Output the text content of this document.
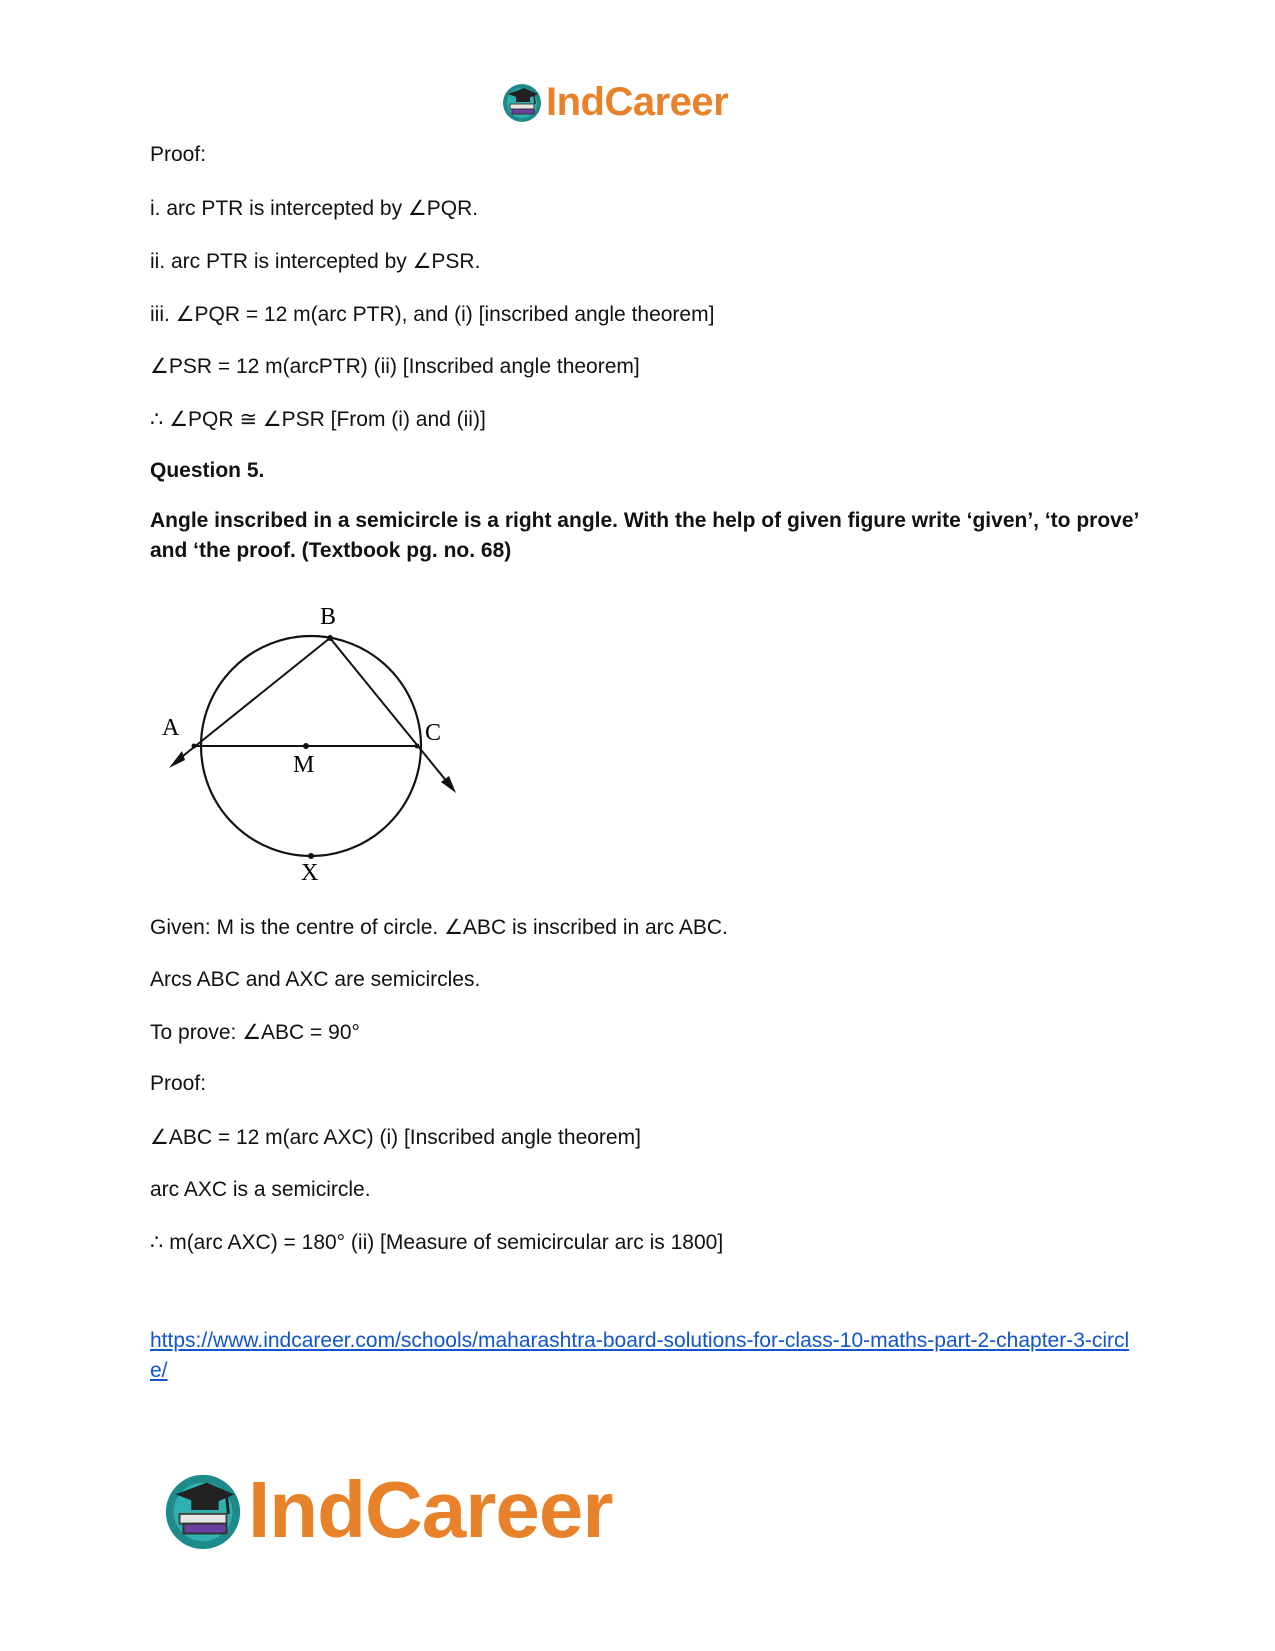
IndCareer
Proof:
i. arc PTR is intercepted by ∠PQR.
ii. arc PTR is intercepted by ∠PSR.
iii. ∠PQR = 12 m(arc PTR), and (i) [inscribed angle theorem]
∠PSR = 12 m(arcPTR) (ii) [Inscribed angle theorem]
∴ ∠PQR ≅ ∠PSR [From (i) and (ii)]
Question 5.
Angle inscribed in a semicircle is a right angle. With the help of given figure write ‘given’, ‘to prove’ and ‘the proof. (Textbook pg. no. 68)
B
A	C
M
X
Given: M is the centre of circle. ∠ABC is inscribed in arc ABC.
Arcs ABC and AXC are semicircles.
To prove: ∠ABC = 90°
Proof:
∠ABC = 12 m(arc AXC) (i) [Inscribed angle theorem]
arc AXC is a semicircle.
∴ m(arc AXC) = 180° (ii) [Measure of semicircular arc is 1800]
https://www.indcareer.com/schools/maharashtra-board-solutions-for-class-10-maths-part-2-chapter-3-circle/
IndCareer
